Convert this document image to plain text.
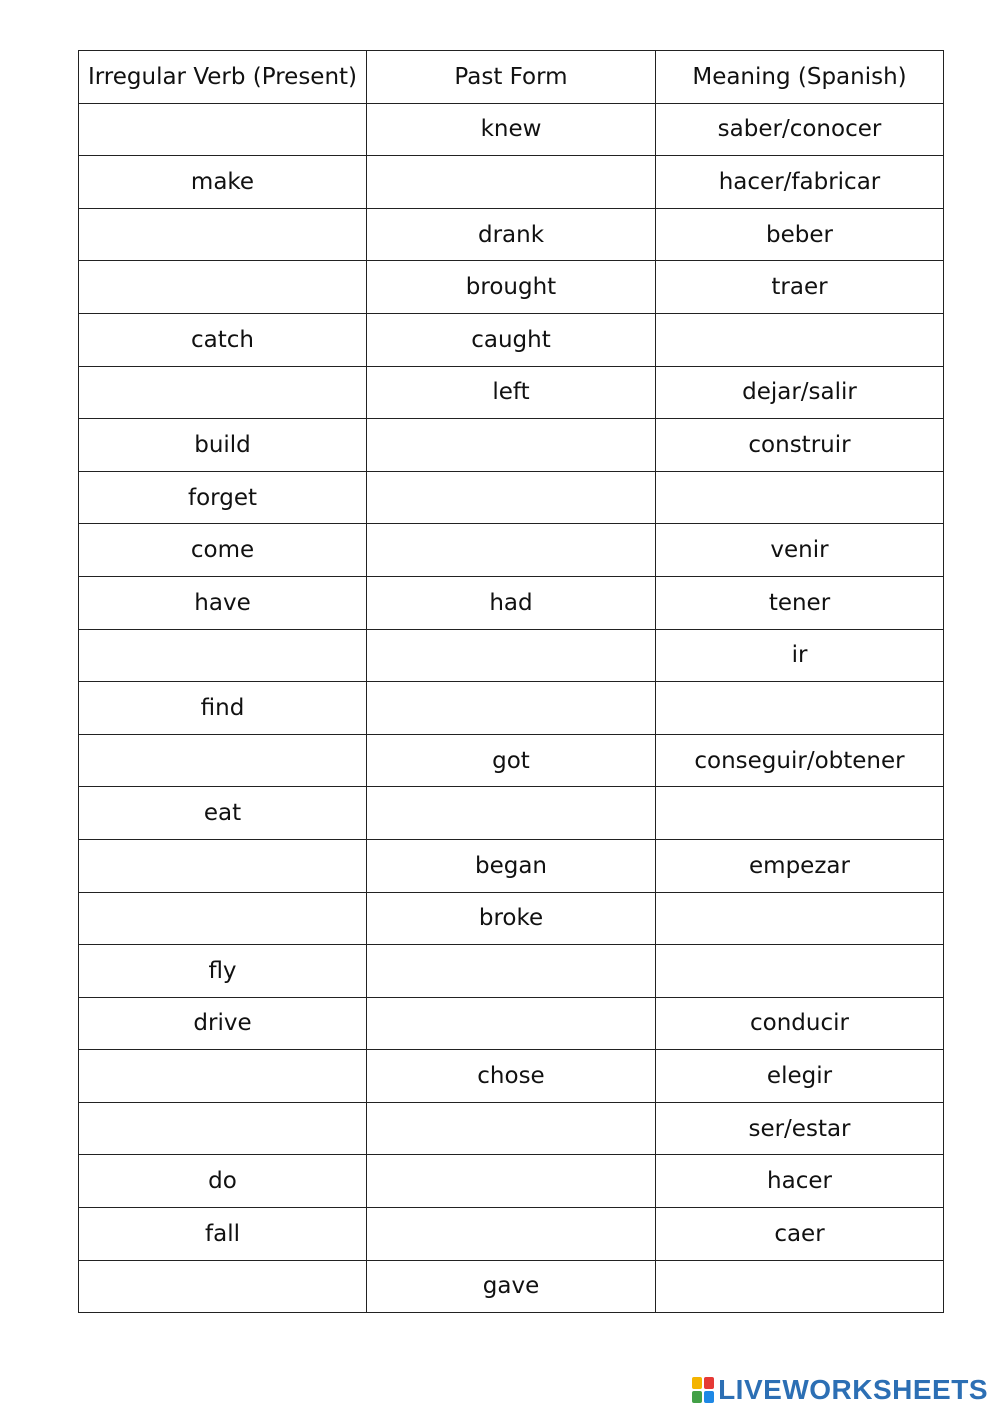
Irregular Verb (Present)	Past Form	Meaning (Spanish)
	knew	saber/conocer
make		hacer/fabricar
	drank	beber
	brought	traer
catch	caught	
	left	dejar/salir
build		construir
forget		
come		venir
have	had	tener
		ir
find		
	got	conseguir/obtener
eat		
	began	empezar
	broke	
fly		
drive		conducir
	chose	elegir
		ser/estar
do		hacer
fall		caer
	gave	
LIVEWORKSHEETS
